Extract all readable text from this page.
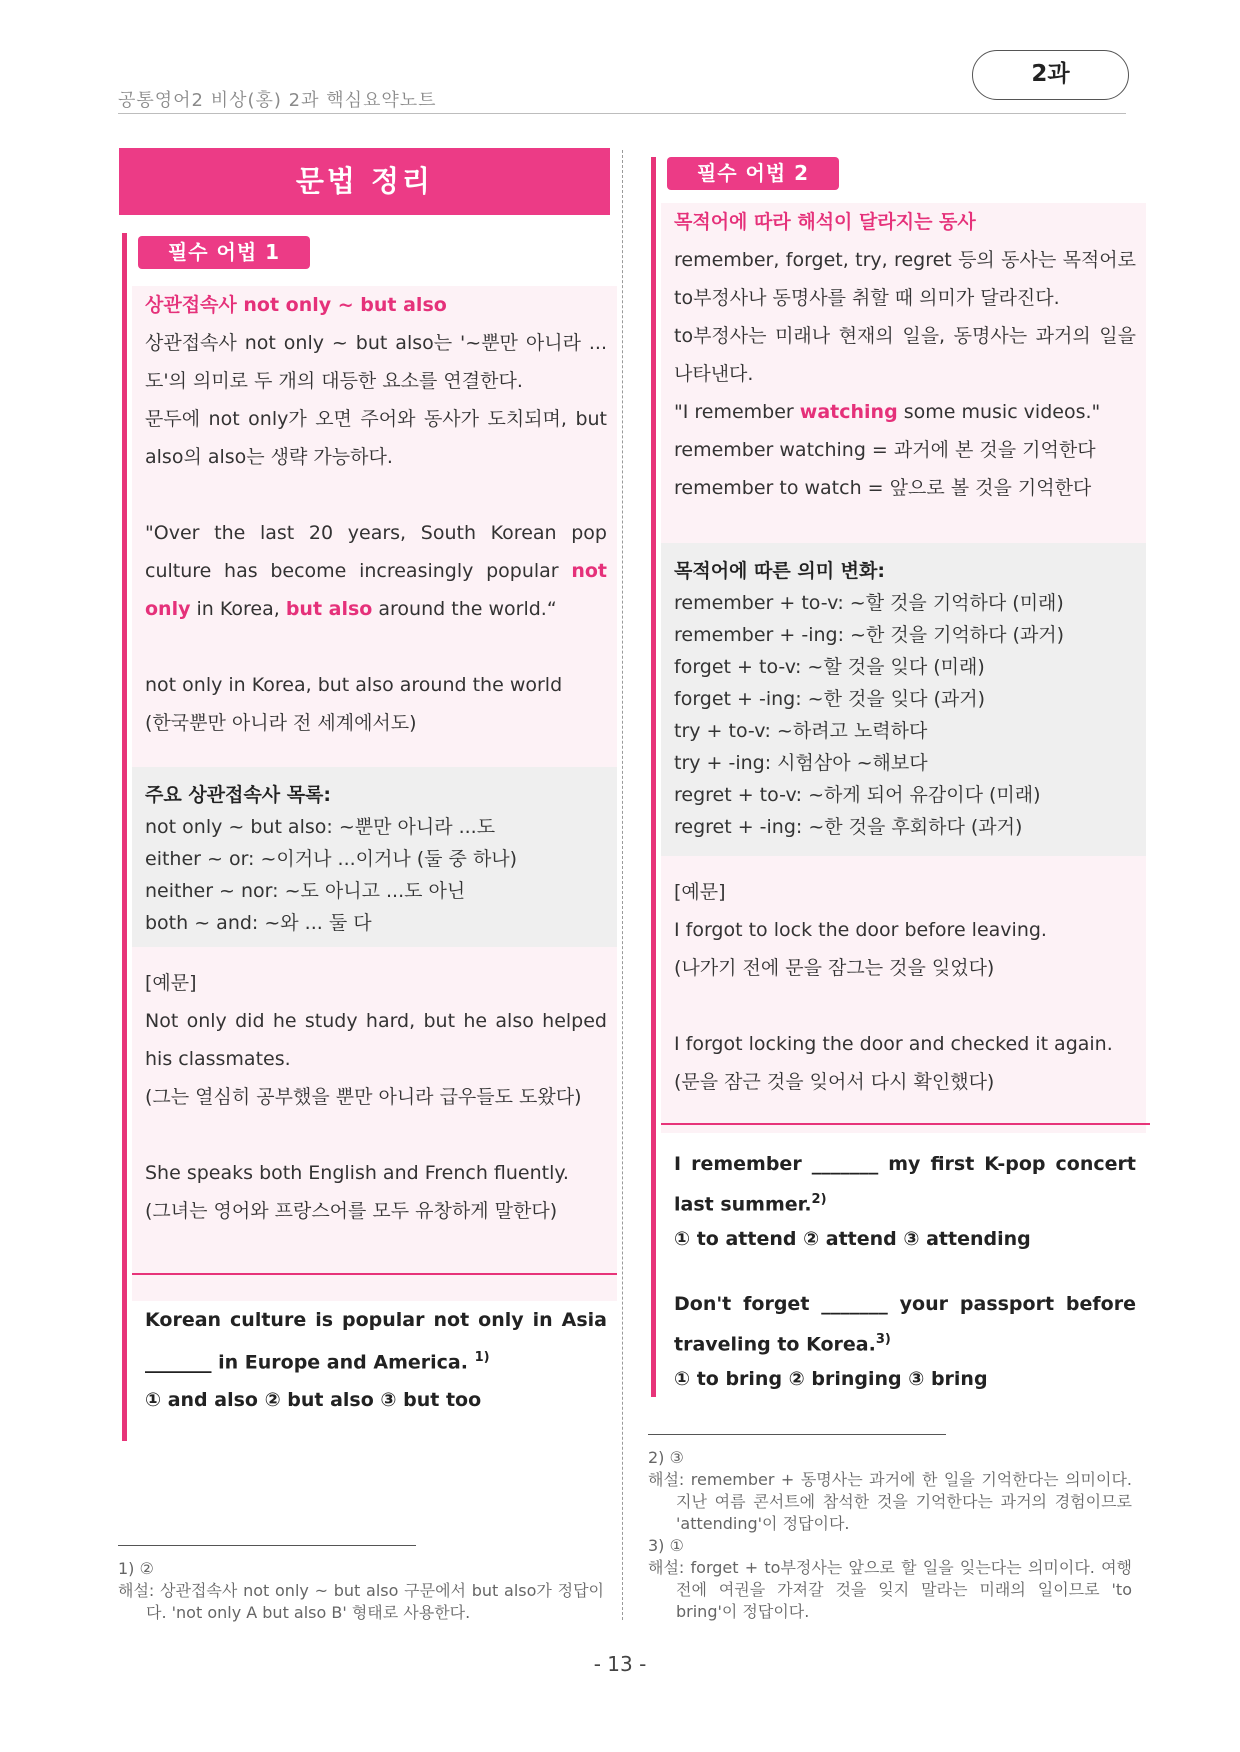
공통영어2 비상(홍) 2과 핵심요약노트
2과
문법 정리
필수 어법 1
상관접속사 not only ~ but also
상관접속사 not only ~ but also는 '~뿐만 아니라 ...도'의 의미로 두 개의 대등한 요소를 연결한다.
문두에 not only가 오면 주어와 동사가 도치되며, but also의 also는 생략 가능하다.
"Over the last 20 years, South Korean pop culture has become increasingly popular not only in Korea, but also around the world.“
not only in Korea, but also around the world
(한국뿐만 아니라 전 세계에서도)
주요 상관접속사 목록:
not only ~ but also: ~뿐만 아니라 ...도
either ~ or: ~이거나 ...이거나 (둘 중 하나)
neither ~ nor: ~도 아니고 ...도 아닌
both ~ and: ~와 ... 둘 다
[예문]
Not only did he study hard, but he also helped his classmates.
(그는 열심히 공부했을 뿐만 아니라 급우들도 도왔다)
She speaks both English and French fluently.
(그녀는 영어와 프랑스어를 모두 유창하게 말한다)
Korean culture is popular not only in Asia _______ in Europe and America. $^{1)}$
① and also ② but also ③ but too
필수 어법 2
목적어에 따라 해석이 달라지는 동사
remember, forget, try, regret 등의 동사는 목적어로 to부정사나 동명사를 취할 때 의미가 달라진다.
to부정사는 미래나 현재의 일을, 동명사는 과거의 일을 나타낸다.
"I remember watching some music videos."
remember watching = 과거에 본 것을 기억한다
remember to watch = 앞으로 볼 것을 기억한다
목적어에 따른 의미 변화:
remember + to-v: ~할 것을 기억하다 (미래)
remember + -ing: ~한 것을 기억하다 (과거)
forget + to-v: ~할 것을 잊다 (미래)
forget + -ing: ~한 것을 잊다 (과거)
try + to-v: ~하려고 노력하다
try + -ing: 시험삼아 ~해보다
regret + to-v: ~하게 되어 유감이다 (미래)
regret + -ing: ~한 것을 후회하다 (과거)
[예문]
I forgot to lock the door before leaving.
(나가기 전에 문을 잠그는 것을 잊었다)
I forgot locking the door and checked it again.
(문을 잠근 것을 잊어서 다시 확인했다)
I remember _______ my first K-pop concert last summer.$^{2)}$
① to attend ② attend ③ attending
Don't forget _______ your passport before traveling to Korea.$^{3)}$
① to bring ② bringing ③ bring
1) ②
해설: 상관접속사 not only ~ but also 구문에서 but also가 정답이다. 'not only A but also B' 형태로 사용한다.
2) ③
해설: remember + 동명사는 과거에 한 일을 기억한다는 의미이다. 지난 여름 콘서트에 참석한 것을 기억한다는 과거의 경험이므로 'attending'이 정답이다.
3) ①
해설: forget + to부정사는 앞으로 할 일을 잊는다는 의미이다. 여행 전에 여권을 가져갈 것을 잊지 말라는 미래의 일이므로 'to bring'이 정답이다.
- 13 -
